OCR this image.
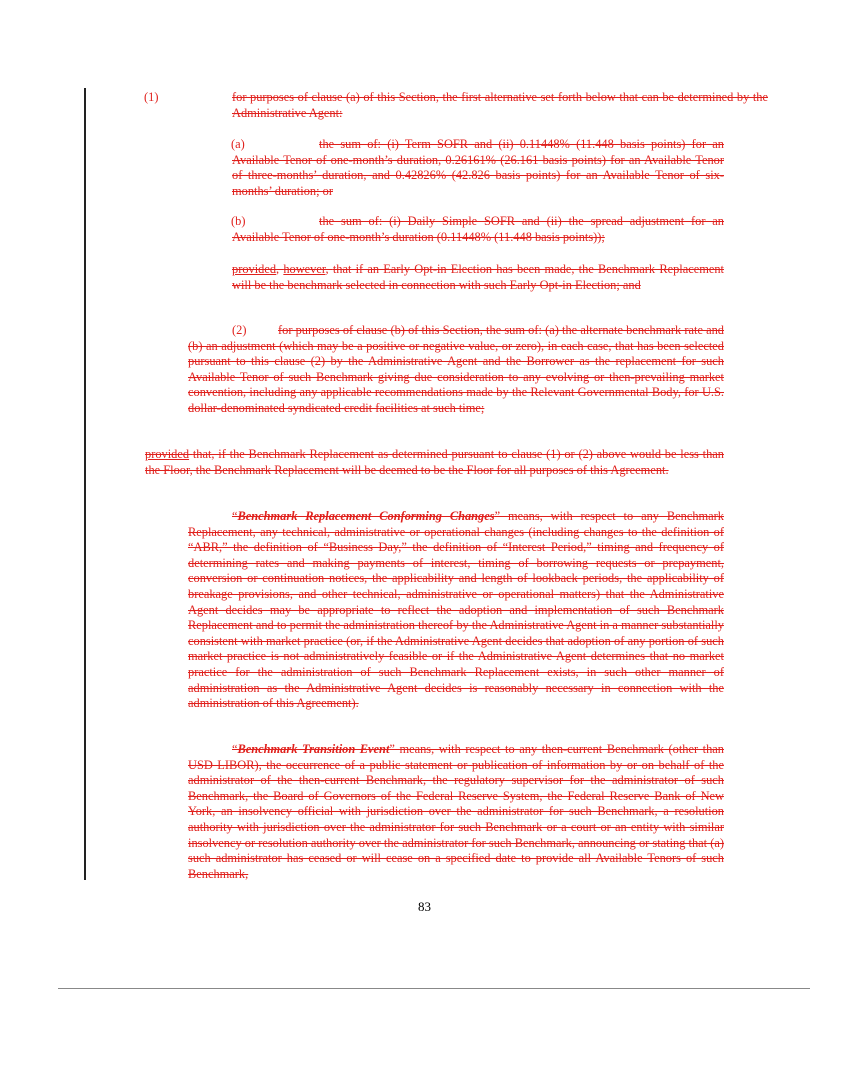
(1)	for purposes of clause (a) of this Section, the first alternative set forth below that can be determined by the Administrative Agent:
(a)	the sum of: (i) Term SOFR and (ii) 0.11448% (11.448 basis points) for an Available Tenor of one-month’s duration, 0.26161% (26.161 basis points) for an Available Tenor of three-months’ duration, and 0.42826% (42.826 basis points) for an Available Tenor of six-months’ duration; or
(b)	the sum of: (i) Daily Simple SOFR and (ii) the spread adjustment for an Available Tenor of one-month’s duration (0.11448% (11.448 basis points));
provided, however, that if an Early Opt-in Election has been made, the Benchmark Replacement will be the benchmark selected in connection with such Early Opt-in Election; and
(2)	for purposes of clause (b) of this Section, the sum of: (a) the alternate benchmark rate and (b) an adjustment (which may be a positive or negative value, or zero), in each case, that has been selected pursuant to this clause (2) by the Administrative Agent and the Borrower as the replacement for such Available Tenor of such Benchmark giving due consideration to any evolving or then-prevailing market convention, including any applicable recommendations made by the Relevant Governmental Body, for U.S. dollar-denominated syndicated credit facilities at such time;
provided that, if the Benchmark Replacement as determined pursuant to clause (1) or (2) above would be less than the Floor, the Benchmark Replacement will be deemed to be the Floor for all purposes of this Agreement.
“Benchmark Replacement Conforming Changes” means, with respect to any Benchmark Replacement, any technical, administrative or operational changes (including changes to the definition of “ABR,” the definition of “Business Day,” the definition of “Interest Period,” timing and frequency of determining rates and making payments of interest, timing of borrowing requests or prepayment, conversion or continuation notices, the applicability and length of lookback periods, the applicability of breakage provisions, and other technical, administrative or operational matters) that the Administrative Agent decides may be appropriate to reflect the adoption and implementation of such Benchmark Replacement and to permit the administration thereof by the Administrative Agent in a manner substantially consistent with market practice (or, if the Administrative Agent decides that adoption of any portion of such market practice is not administratively feasible or if the Administrative Agent determines that no market practice for the administration of such Benchmark Replacement exists, in such other manner of administration as the Administrative Agent decides is reasonably necessary in connection with the administration of this Agreement).
“Benchmark Transition Event” means, with respect to any then-current Benchmark (other than USD LIBOR), the occurrence of a public statement or publication of information by or on behalf of the administrator of the then-current Benchmark, the regulatory supervisor for the administrator of such Benchmark, the Board of Governors of the Federal Reserve System, the Federal Reserve Bank of New York, an insolvency official with jurisdiction over the administrator for such Benchmark, a resolution authority with jurisdiction over the administrator for such Benchmark or a court or an entity with similar insolvency or resolution authority over the administrator for such Benchmark, announcing or stating that (a) such administrator has ceased or will cease on a specified date to provide all Available Tenors of such Benchmark,
83
